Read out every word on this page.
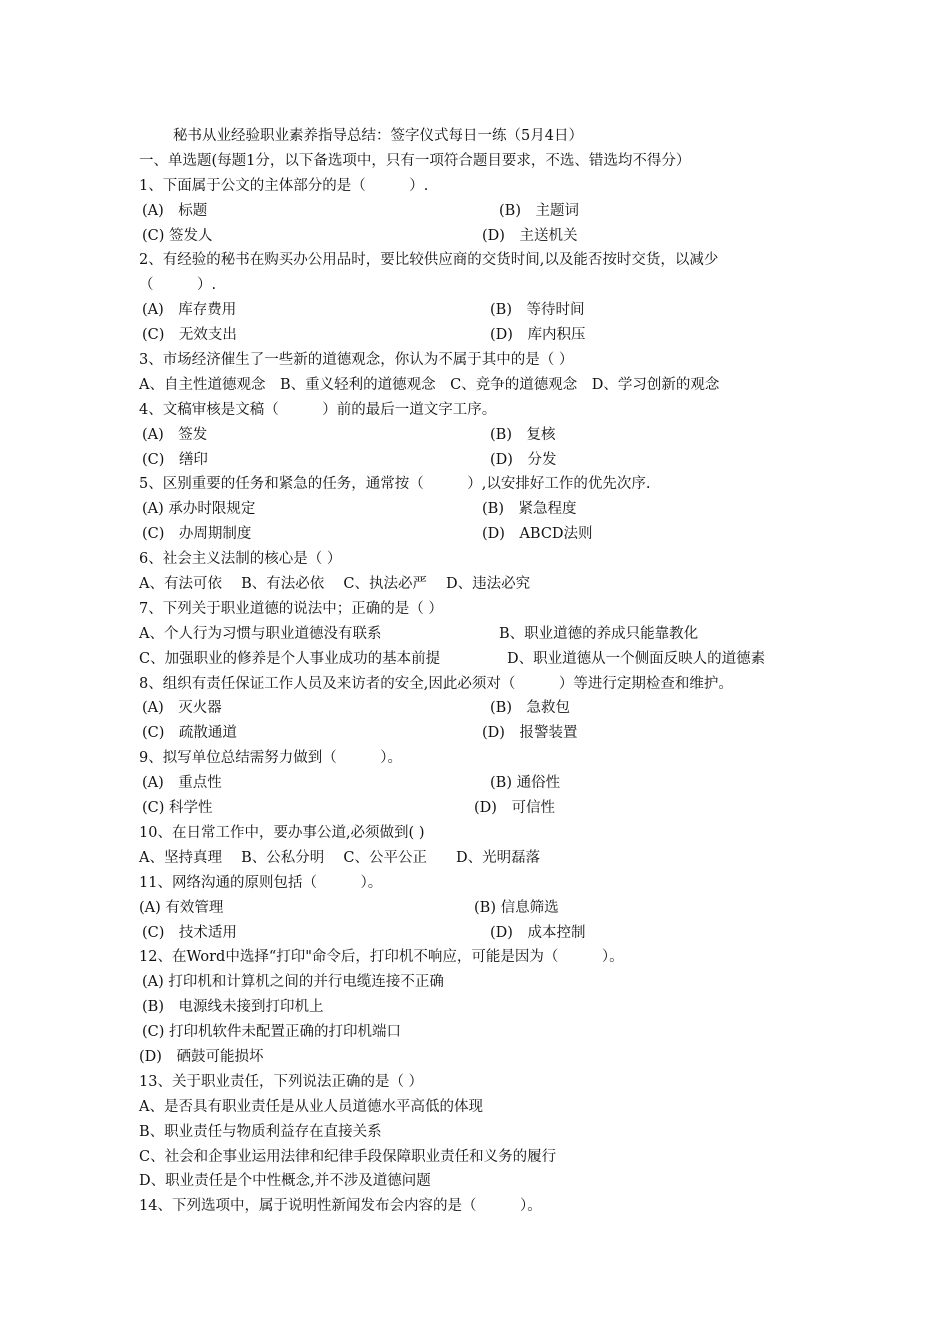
秘书从业经验职业素养指导总结：签字仪式每日一练（5月4日）
一、单选题(每题1分，以下备选项中，只有一项符合题目要求，不选、错选均不得分）
1、下面属于公文的主体部分的是（　　　）.
(A)　标题	(B)　主题词
(C) 签发人	(D)　主送机关
2、有经验的秘书在购买办公用品时，要比较供应商的交货时间,以及能否按时交货，以减少
（　　　）.
(A)　库存费用	(B)　等待时间
(C)　无效支出	(D)　库内积压
3、市场经济催生了一些新的道德观念，你认为不属于其中的是（ ）
A、自主性道德观念　B、重义轻利的道德观念　C、竞争的道德观念　D、学习创新的观念
4、文稿审核是文稿（　　　）前的最后一道文字工序。
(A)　签发	(B)　复核
(C)　缮印	(D)　分发
5、区别重要的任务和紧急的任务，通常按（　　　）,以安排好工作的优先次序.
(A) 承办时限规定	(B)　紧急程度
(C)　办周期制度	(D)　ABCD法则
6、社会主义法制的核心是（ ）
A、有法可依　 B、有法必依　 C、执法必严　 D、违法必究
7、下列关于职业道德的说法中；正确的是（ ）
A、个人行为习惯与职业道德没有联系	B、职业道德的养成只能靠教化
C、加强职业的修养是个人事业成功的基本前提	D、职业道德从一个侧面反映人的道德素
8、组织有责任保证工作人员及来访者的安全,因此必须对（　　　）等进行定期检查和维护。
(A)　灭火器	(B)　急救包
(C)　疏散通道	(D)　报警装置
9、拟写单位总结需努力做到（　　　）。
(A)　重点性	(B) 通俗性
(C) 科学性	(D)　可信性
10、在日常工作中，要办事公道,必须做到( )
A、坚持真理　 B、公私分明　 C、公平公正　　D、光明磊落
11、网络沟通的原则包括（　　　）。
(A) 有效管理	(B) 信息筛选
(C)　技术适用	(D)　成本控制
12、在Word中选择“打印"命令后，打印机不响应，可能是因为（　　　）。
(A) 打印机和计算机之间的并行电缆连接不正确
(B)　电源线未接到打印机上
(C) 打印机软件未配置正确的打印机端口
(D)　硒鼓可能损坏
13、关于职业责任，下列说法正确的是（ ）
A、是否具有职业责任是从业人员道德水平高低的体现
B、职业责任与物质利益存在直接关系
C、社会和企事业运用法律和纪律手段保障职业责任和义务的履行
D、职业责任是个中性概念,并不涉及道德问题
14、下列选项中，属于说明性新闻发布会内容的是（　　　）。
